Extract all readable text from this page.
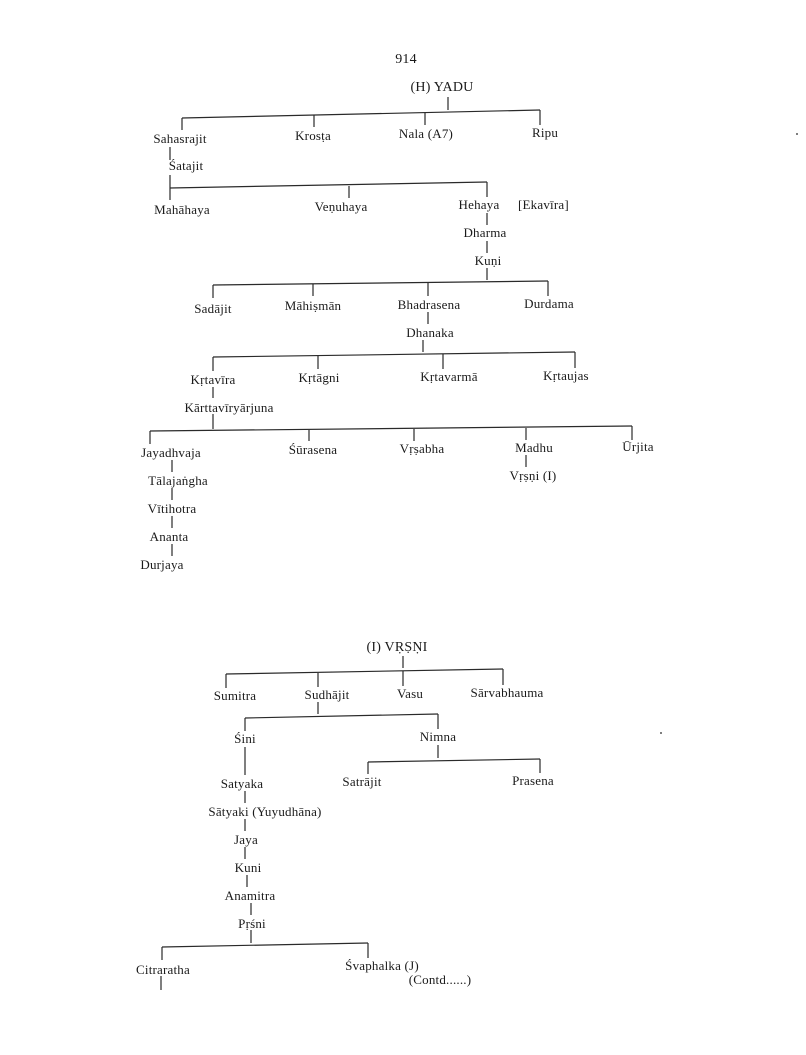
914
(H) YADU
Sahasrajit	Krosṭa	Nala (A7)	Ripu
Śatajit
Mahāhaya	Veṇuhaya	Hehaya [Ekavīra]
Dharma
Kuṇi
Sadājit	Māhiṣmān	Bhadrasena	Durdama
Dhanaka
Kṛtavīra	Kṛtāgni	Kṛtavarmā	Kṛtaujas
Kārttavīryārjuna
Jayadhvaja	Śūrasena	Vṛṣabha	Madhu	Ūrjita
Vṛṣṇi (I)
Tālajaṅgha
Vītihotra
Ananta
Durjaya
(I) VṚṢṆI
Sumitra	Sudhājit	Vasu	Sārvabhauma
Śini	Nimna
Satrājit	Prasena
Satyaka
Sātyaki (Yuyudhāna)
Jaya
Kuni
Anamitra
Pṛśni
Citraratha	Śvaphalka (J)
(Contd......)
